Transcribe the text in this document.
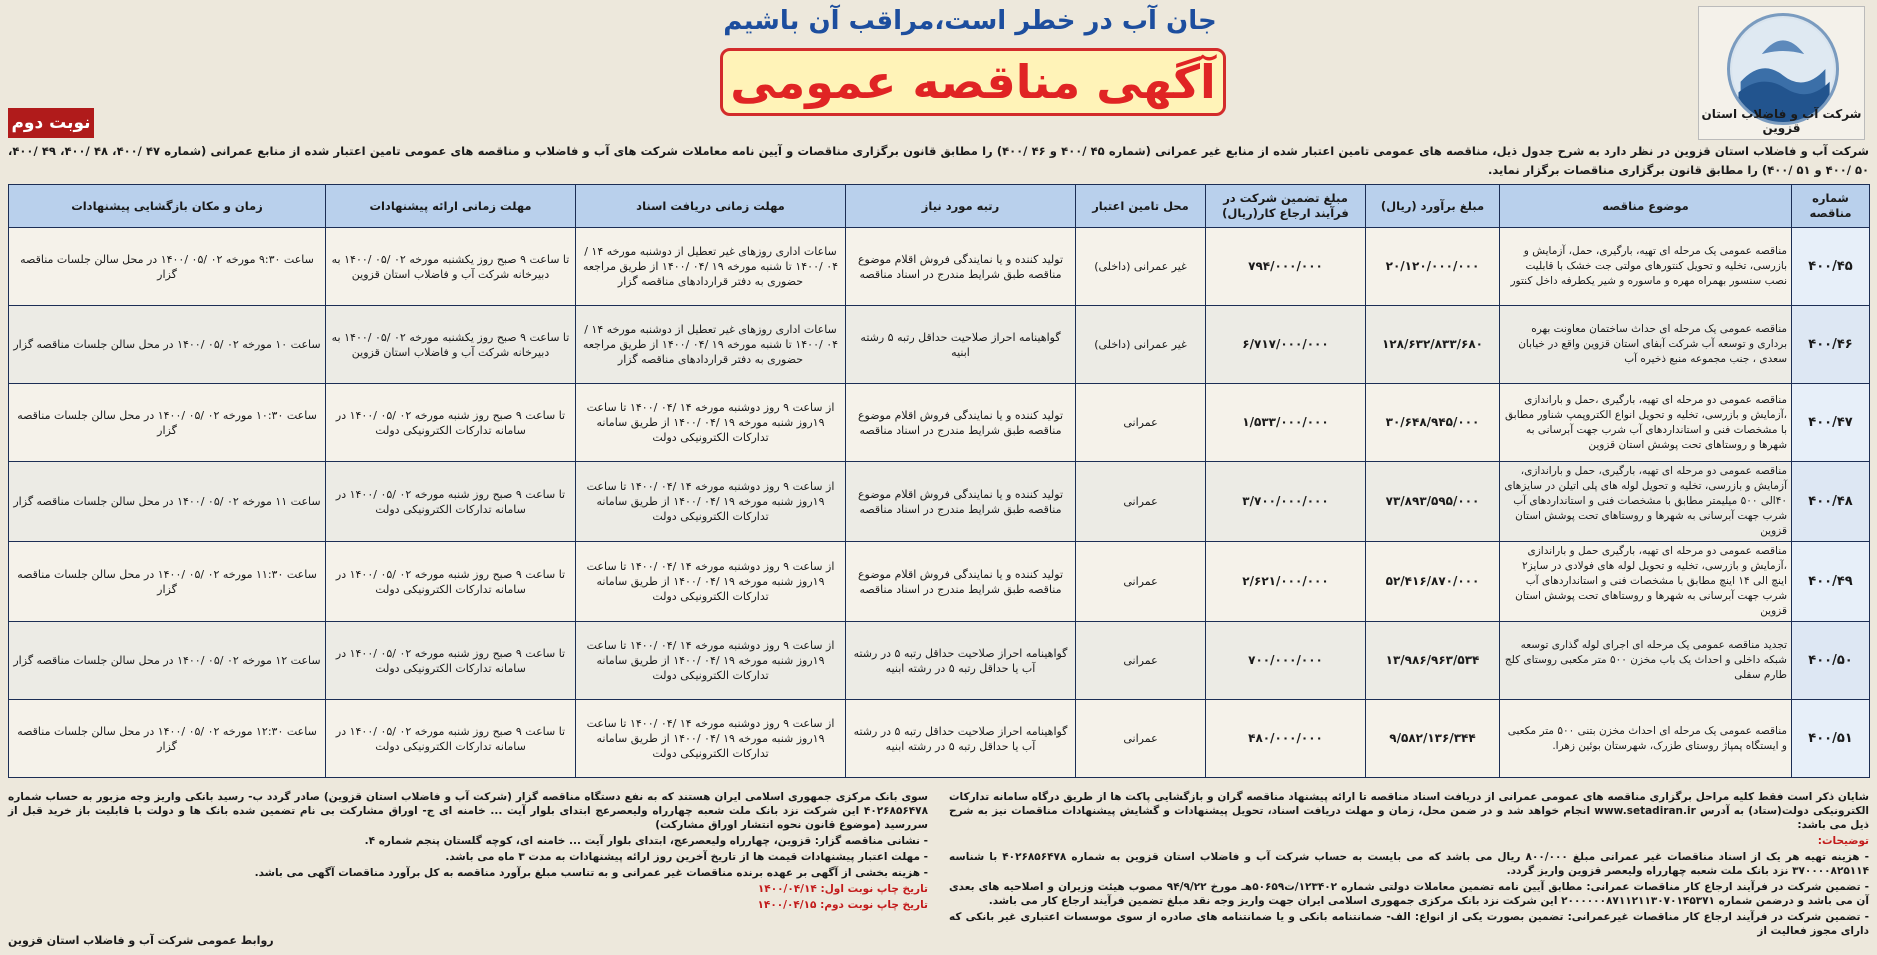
شرکت آب و فاضلاب استان قزوین
جان آب در خطر است،مراقب آن باشیم
آگهی مناقصه عمومی
نوبت دوم
شرکت آب و فاضلاب استان قزوین در نظر دارد به شرح جدول ذیل، مناقصه های عمومی تامین اعتبار شده از منابع غیر عمرانی (شماره ۴۵ /۴۰۰ و ۴۶ /۴۰۰) را مطابق قانون برگزاری مناقصات و آیین نامه معاملات شرکت های آب و فاضلاب و مناقصه های عمومی تامین اعتبار شده از منابع عمرانی (شماره ۴۷ /۴۰۰، ۴۸ /۴۰۰، ۴۹ /۴۰۰، ۵۰ /۴۰۰ و ۵۱ /۴۰۰) را مطابق قانون برگزاری مناقصات برگزار نماید.
شماره مناقصه	موضوع مناقصه	مبلغ برآورد (ریال)	مبلغ تضمین شرکت در فرآیند ارجاع کار(ریال)	محل تامین اعتبار	رتبه مورد نیاز	مهلت زمانی دریافت اسناد	مهلت زمانی ارائه پیشنهادات	زمان و مکان بازگشایی پیشنهادات
۴۰۰/۴۵	مناقصه عمومی یک مرحله ای تهیه، بارگیری، حمل، آزمایش و بازرسی، تخلیه و تحویل کنتورهای مولتی جت خشک با قابلیت نصب سنسور بهمراه مهره و ماسوره و شیر یکطرفه داخل کنتور	۲۰/۱۲۰/۰۰۰/۰۰۰	۷۹۴/۰۰۰/۰۰۰	غیر عمرانی (داخلی)	تولید کننده و یا نمایندگی فروش اقلام موضوع مناقصه طبق شرایط مندرج در اسناد مناقصه	ساعات اداری روزهای غیر تعطیل از دوشنبه مورخه ۱۴ /۰۴ /۱۴۰۰ تا شنبه مورخه ۱۹ /۰۴ /۱۴۰۰ از طریق مراجعه حضوری به دفتر قراردادهای مناقصه گزار	تا ساعت ۹ صبح روز یکشنبه مورخه ۰۲ /۰۵ /۱۴۰۰ به دبیرخانه شرکت آب و فاضلاب استان قزوین	ساعت ۹:۳۰ مورخه ۰۲ /۰۵ /۱۴۰۰ در محل سالن جلسات مناقصه گزار
۴۰۰/۴۶	مناقصه عمومی یک مرحله ای حداث ساختمان معاونت بهره برداری و توسعه آب شرکت آبفای استان قزوین واقع در خیابان سعدی ، جنب مجموعه منبع ذخیره آب	۱۲۸/۶۳۲/۸۳۳/۶۸۰	۶/۷۱۷/۰۰۰/۰۰۰	غیر عمرانی (داخلی)	گواهینامه احراز صلاحیت حداقل رتبه ۵ رشته ابنیه	ساعات اداری روزهای غیر تعطیل از دوشنبه مورخه ۱۴ /۰۴ /۱۴۰۰ تا شنبه مورخه ۱۹ /۰۴ /۱۴۰۰ از طریق مراجعه حضوری به دفتر قراردادهای مناقصه گزار	تا ساعت ۹ صبح روز یکشنبه مورخه ۰۲ /۰۵ /۱۴۰۰ به دبیرخانه شرکت آب و فاضلاب استان قزوین	ساعت ۱۰ مورخه ۰۲ /۰۵ /۱۴۰۰ در محل سالن جلسات مناقصه گزار
۴۰۰/۴۷	مناقصه عمومی دو مرحله ای تهیه، بارگیری ،حمل و باراندازی ،آزمایش و بازرسی، تخلیه و تحویل انواع الکتروپمپ شناور مطابق با مشخصات فنی و استانداردهای آب شرب جهت آبرسانی به شهرها و روستاهای تحت پوشش استان قزوین	۳۰/۶۴۸/۹۴۵/۰۰۰	۱/۵۳۳/۰۰۰/۰۰۰	عمرانی	تولید کننده و یا نمایندگی فروش اقلام موضوع مناقصه طبق شرایط مندرج در اسناد مناقصه	از ساعت ۹ روز دوشنبه مورخه ۱۴ /۰۴ /۱۴۰۰ تا ساعت ۱۹روز شنبه مورخه ۱۹ /۰۴ /۱۴۰۰ از طریق سامانه تدارکات الکترونیکی دولت	تا ساعت ۹ صبح روز شنبه مورخه ۰۲ /۰۵ /۱۴۰۰ در سامانه تدارکات الکترونیکی دولت	ساعت ۱۰:۳۰ مورخه ۰۲ /۰۵ /۱۴۰۰ در محل سالن جلسات مناقصه گزار
۴۰۰/۴۸	مناقصه عمومی دو مرحله ای تهیه، بارگیری، حمل و باراندازی، آزمایش و بازرسی، تخلیه و تحویل لوله های پلی اتیلن در سایزهای ۴۰الی ۵۰۰ میلیمتر مطابق با مشخصات فنی و استانداردهای آب شرب جهت آبرسانی به شهرها و روستاهای تحت پوشش استان قزوین	۷۳/۸۹۳/۵۹۵/۰۰۰	۳/۷۰۰/۰۰۰/۰۰۰	عمرانی	تولید کننده و یا نمایندگی فروش اقلام موضوع مناقصه طبق شرایط مندرج در اسناد مناقصه	از ساعت ۹ روز دوشنبه مورخه ۱۴ /۰۴ /۱۴۰۰ تا ساعت ۱۹روز شنبه مورخه ۱۹ /۰۴ /۱۴۰۰ از طریق سامانه تدارکات الکترونیکی دولت	تا ساعت ۹ صبح روز شنبه مورخه ۰۲ /۰۵ /۱۴۰۰ در سامانه تدارکات الکترونیکی دولت	ساعت ۱۱ مورخه ۰۲ /۰۵ /۱۴۰۰ در محل سالن جلسات مناقصه گزار
۴۰۰/۴۹	مناقصه عمومی دو مرحله ای تهیه، بارگیری حمل و باراندازی ،آزمایش و بازرسی، تخلیه و تحویل لوله های فولادی در سایز۲ اینچ الی ۱۴ اینچ مطابق با مشخصات فنی و استانداردهای آب شرب جهت آبرسانی به شهرها و روستاهای تحت پوشش استان قزوین	۵۲/۴۱۶/۸۷۰/۰۰۰	۲/۶۲۱/۰۰۰/۰۰۰	عمرانی	تولید کننده و یا نمایندگی فروش اقلام موضوع مناقصه طبق شرایط مندرج در اسناد مناقصه	از ساعت ۹ روز دوشنبه مورخه ۱۴ /۰۴ /۱۴۰۰ تا ساعت ۱۹روز شنبه مورخه ۱۹ /۰۴ /۱۴۰۰ از طریق سامانه تدارکات الکترونیکی دولت	تا ساعت ۹ صبح روز شنبه مورخه ۰۲ /۰۵ /۱۴۰۰ در سامانه تدارکات الکترونیکی دولت	ساعت ۱۱:۳۰ مورخه ۰۲ /۰۵ /۱۴۰۰ در محل سالن جلسات مناقصه گزار
۴۰۰/۵۰	تجدید مناقصه عمومی یک مرحله ای اجرای لوله گذاری توسعه شبکه داخلی و احداث یک باب مخزن ۵۰۰ متر مکعبی روستای کلج طارم سفلی	۱۳/۹۸۶/۹۶۳/۵۳۴	۷۰۰/۰۰۰/۰۰۰	عمرانی	گواهینامه احراز صلاحیت حداقل رتبه ۵ در رشته آب یا حداقل رتبه ۵ در رشته ابنیه	از ساعت ۹ روز دوشنبه مورخه ۱۴ /۰۴ /۱۴۰۰ تا ساعت ۱۹روز شنبه مورخه ۱۹ /۰۴ /۱۴۰۰ از طریق سامانه تدارکات الکترونیکی دولت	تا ساعت ۹ صبح روز شنبه مورخه ۰۲ /۰۵ /۱۴۰۰ در سامانه تدارکات الکترونیکی دولت	ساعت ۱۲ مورخه ۰۲ /۰۵ /۱۴۰۰ در محل سالن جلسات مناقصه گزار
۴۰۰/۵۱	مناقصه عمومی یک مرحله ای احداث مخزن بتنی ۵۰۰ متر مکعبی و ایستگاه پمپاژ روستای طزرک، شهرستان بوئین زهرا.	۹/۵۸۲/۱۳۶/۳۴۴	۴۸۰/۰۰۰/۰۰۰	عمرانی	گواهینامه احراز صلاحیت حداقل رتبه ۵ در رشته آب یا حداقل رتبه ۵ در رشته ابنیه	از ساعت ۹ روز دوشنبه مورخه ۱۴ /۰۴ /۱۴۰۰ تا ساعت ۱۹روز شنبه مورخه ۱۹ /۰۴ /۱۴۰۰ از طریق سامانه تدارکات الکترونیکی دولت	تا ساعت ۹ صبح روز شنبه مورخه ۰۲ /۰۵ /۱۴۰۰ در سامانه تدارکات الکترونیکی دولت	ساعت ۱۲:۳۰ مورخه ۰۲ /۰۵ /۱۴۰۰ در محل سالن جلسات مناقصه گزار

شایان ذکر است فقط کلیه مراحل برگزاری مناقصه های عمومی عمرانی از دریافت اسناد مناقصه تا ارائه پیشنهاد مناقصه گران و بازگشایی پاکت ها از طریق درگاه سامانه تدارکات الکترونیکی دولت(ستاد) به آدرس www.setadiran.ir انجام خواهد شد و در ضمن محل، زمان و مهلت دریافت اسناد، تحویل پیشنهادات و گشایش پیشنهادات مناقصات نیز به شرح ذیل می باشد:

توضیحات:

- هزینه تهیه هر یک از اسناد مناقصات غیر عمرانی مبلغ ۸۰۰/۰۰۰ ریال می باشد که می بایست به حساب شرکت آب و فاضلاب استان قزوین به شماره ۴۰۲۶۸۵۶۴۷۸ با شناسه ۳۷۰۰۰۰۸۲۵۱۱۴ نزد بانک ملت شعبه چهارراه ولیعصر قزوین واریز گردد.

- تضمین شرکت در فرآیند ارجاع کار مناقصات عمرانی: مطابق آیین نامه تضمین معاملات دولتی شماره ۱۲۳۴۰۲/ت۵۰۶۵۹هـ مورخ ۹۴/۹/۲۲ مصوب هیئت وزیران و اصلاحیه های بعدی آن می باشد و درضمن شماره ۲۰۰۰۰۰۰۸۷۱۱۲۱۱۳۰۷۰۱۴۵۳۷۱ این شرکت نزد بانک مرکزی جمهوری اسلامی ایران جهت واریز وجه نقد مبلغ تضمین فرآیند ارجاع کار می باشد.

- تضمین شرکت در فرآیند ارجاع کار مناقصات غیرعمرانی: تضمین بصورت یکی از انواع: الف- ضمانتنامه بانکی و یا ضمانتنامه های صادره از سوی موسسات اعتباری غیر بانکی که دارای مجوز فعالیت از

سوی بانک مرکزی جمهوری اسلامی ایران هستند که به نفع دستگاه مناقصه گزار (شرکت آب و فاضلاب استان قزوین) صادر گردد ب- رسید بانکی واریز وجه مزبور به حساب شماره ۴۰۲۶۸۵۶۴۷۸ این شرکت نزد بانک ملت شعبه چهارراه ولیعصرعج ابتدای بلوار آیت ... خامنه ای ج- اوراق مشارکت بی نام تضمین شده بانک ها و دولت با قابلیت باز خرید قبل از سررسید (موضوع قانون نحوه انتشار اوراق مشارکت)

- نشانی مناقصه گزار: قزوین، چهارراه ولیعصرعج، ابتدای بلوار آیت ... خامنه ای، کوچه گلستان پنجم شماره ۴.

- مهلت اعتبار پیشنهادات قیمت ها از تاریخ آخرین روز ارائه پیشنهادات به مدت ۳ ماه می باشد.

- هزینه بخشی از آگهی بر عهده برنده مناقصات غیر عمرانی و به تناسب مبلغ برآورد مناقصه به کل برآورد مناقصات آگهی می باشد.

تاریخ چاپ نوبت اول: ۱۴۰۰/۰۴/۱۴

تاریخ چاپ نوبت دوم: ۱۴۰۰/۰۴/۱۵

روابط عمومی شرکت آب و فاضلاب استان قزوین
